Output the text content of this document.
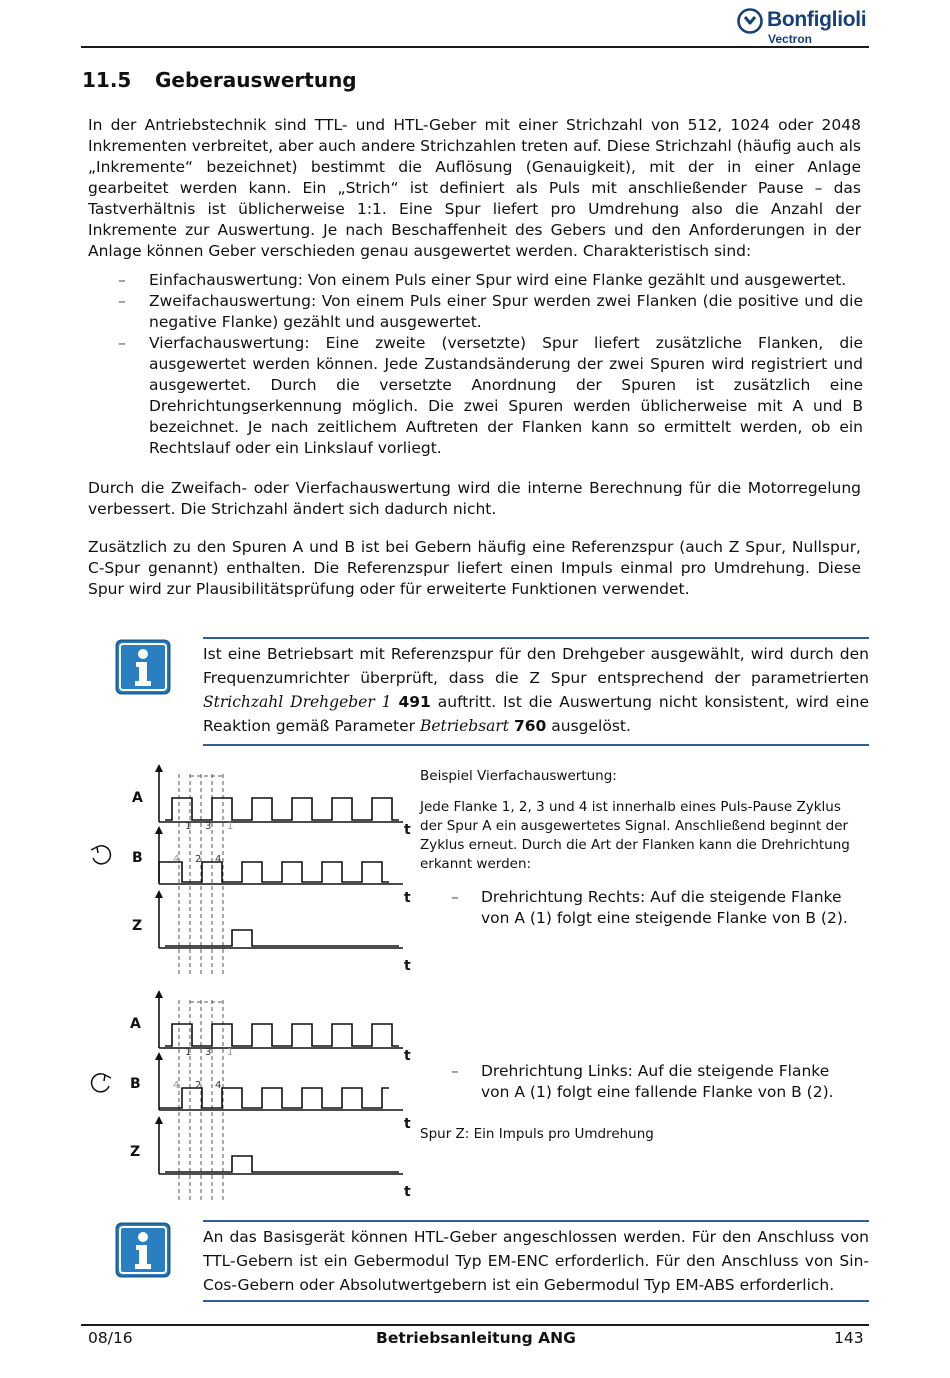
Bonfiglioli
Vectron
11.5 Geberauswertung
In der Antriebstechnik sind TTL- und HTL-Geber mit einer Strichzahl von 512, 1024 oder 2048 Inkrementen verbreitet, aber auch andere Strichzahlen treten auf. Diese Strichzahl (häufig auch als „Inkremente“ bezeichnet) bestimmt die Auflösung (Genauigkeit), mit der in einer Anlage gearbeitet werden kann. Ein „Strich“ ist definiert als Puls mit anschließender Pause – das Tastverhältnis ist üblicherweise 1:1. Eine Spur liefert pro Umdrehung also die Anzahl der Inkremente zur Auswertung. Je nach Beschaffenheit des Gebers und den Anforderungen in der Anlage können Geber verschieden genau ausgewertet werden. Charakteristisch sind:
– Einfachauswertung: Von einem Puls einer Spur wird eine Flanke gezählt und ausgewertet.
– Zweifachauswertung: Von einem Puls einer Spur werden zwei Flanken (die positive und die negative Flanke) gezählt und ausgewertet.
– Vierfachauswertung: Eine zweite (versetzte) Spur liefert zusätzliche Flanken, die ausgewertet werden können. Jede Zustandsänderung der zwei Spuren wird registriert und ausgewertet. Durch die versetzte Anordnung der Spuren ist zusätzlich eine Drehrichtungserkennung möglich. Die zwei Spuren werden üblicherweise mit A und B bezeichnet. Je nach zeitlichem Auftreten der Flanken kann so ermittelt werden, ob ein Rechtslauf oder ein Linkslauf vorliegt.
Durch die Zweifach- oder Vierfachauswertung wird die interne Berechnung für die Motorregelung verbessert. Die Strichzahl ändert sich dadurch nicht.
Zusätzlich zu den Spuren A und B ist bei Gebern häufig eine Referenzspur (auch Z Spur, Nullspur, C-Spur genannt) enthalten. Die Referenzspur liefert einen Impuls einmal pro Umdrehung. Diese Spur wird zur Plausibilitätsprüfung oder für erweiterte Funktionen verwendet.
Ist eine Betriebsart mit Referenzspur für den Drehgeber ausgewählt, wird durch den Frequenzumrichter überprüft, dass die Z Spur entsprechend der parametrierten Strichzahl Drehgeber 1 491 auftritt. Ist die Auswertung nicht konsistent, wird eine Reaktion gemäß Parameter Betriebsart 760 ausgelöst.
A
B
Z
t
t
t
1 3 1
4 2 4
A
B
Z
t
t
t
1 3 1
4 2 4
Beispiel Vierfachauswertung:
Jede Flanke 1, 2, 3 und 4 ist innerhalb eines Puls-Pause Zyklus der Spur A ein ausgewertetes Signal. Anschließend beginnt der Zyklus erneut. Durch die Art der Flanken kann die Drehrichtung erkannt werden:
– Drehrichtung Rechts: Auf die steigende Flanke von A (1) folgt eine steigende Flanke von B (2).
– Drehrichtung Links: Auf die steigende Flanke von A (1) folgt eine fallende Flanke von B (2).
Spur Z: Ein Impuls pro Umdrehung
An das Basisgerät können HTL-Geber angeschlossen werden. Für den Anschluss von TTL-Gebern ist ein Gebermodul Typ EM-ENC erforderlich. Für den Anschluss von Sin-Cos-Gebern oder Absolutwertgebern ist ein Gebermodul Typ EM-ABS erforderlich.
08/16	Betriebsanleitung ANG	143
